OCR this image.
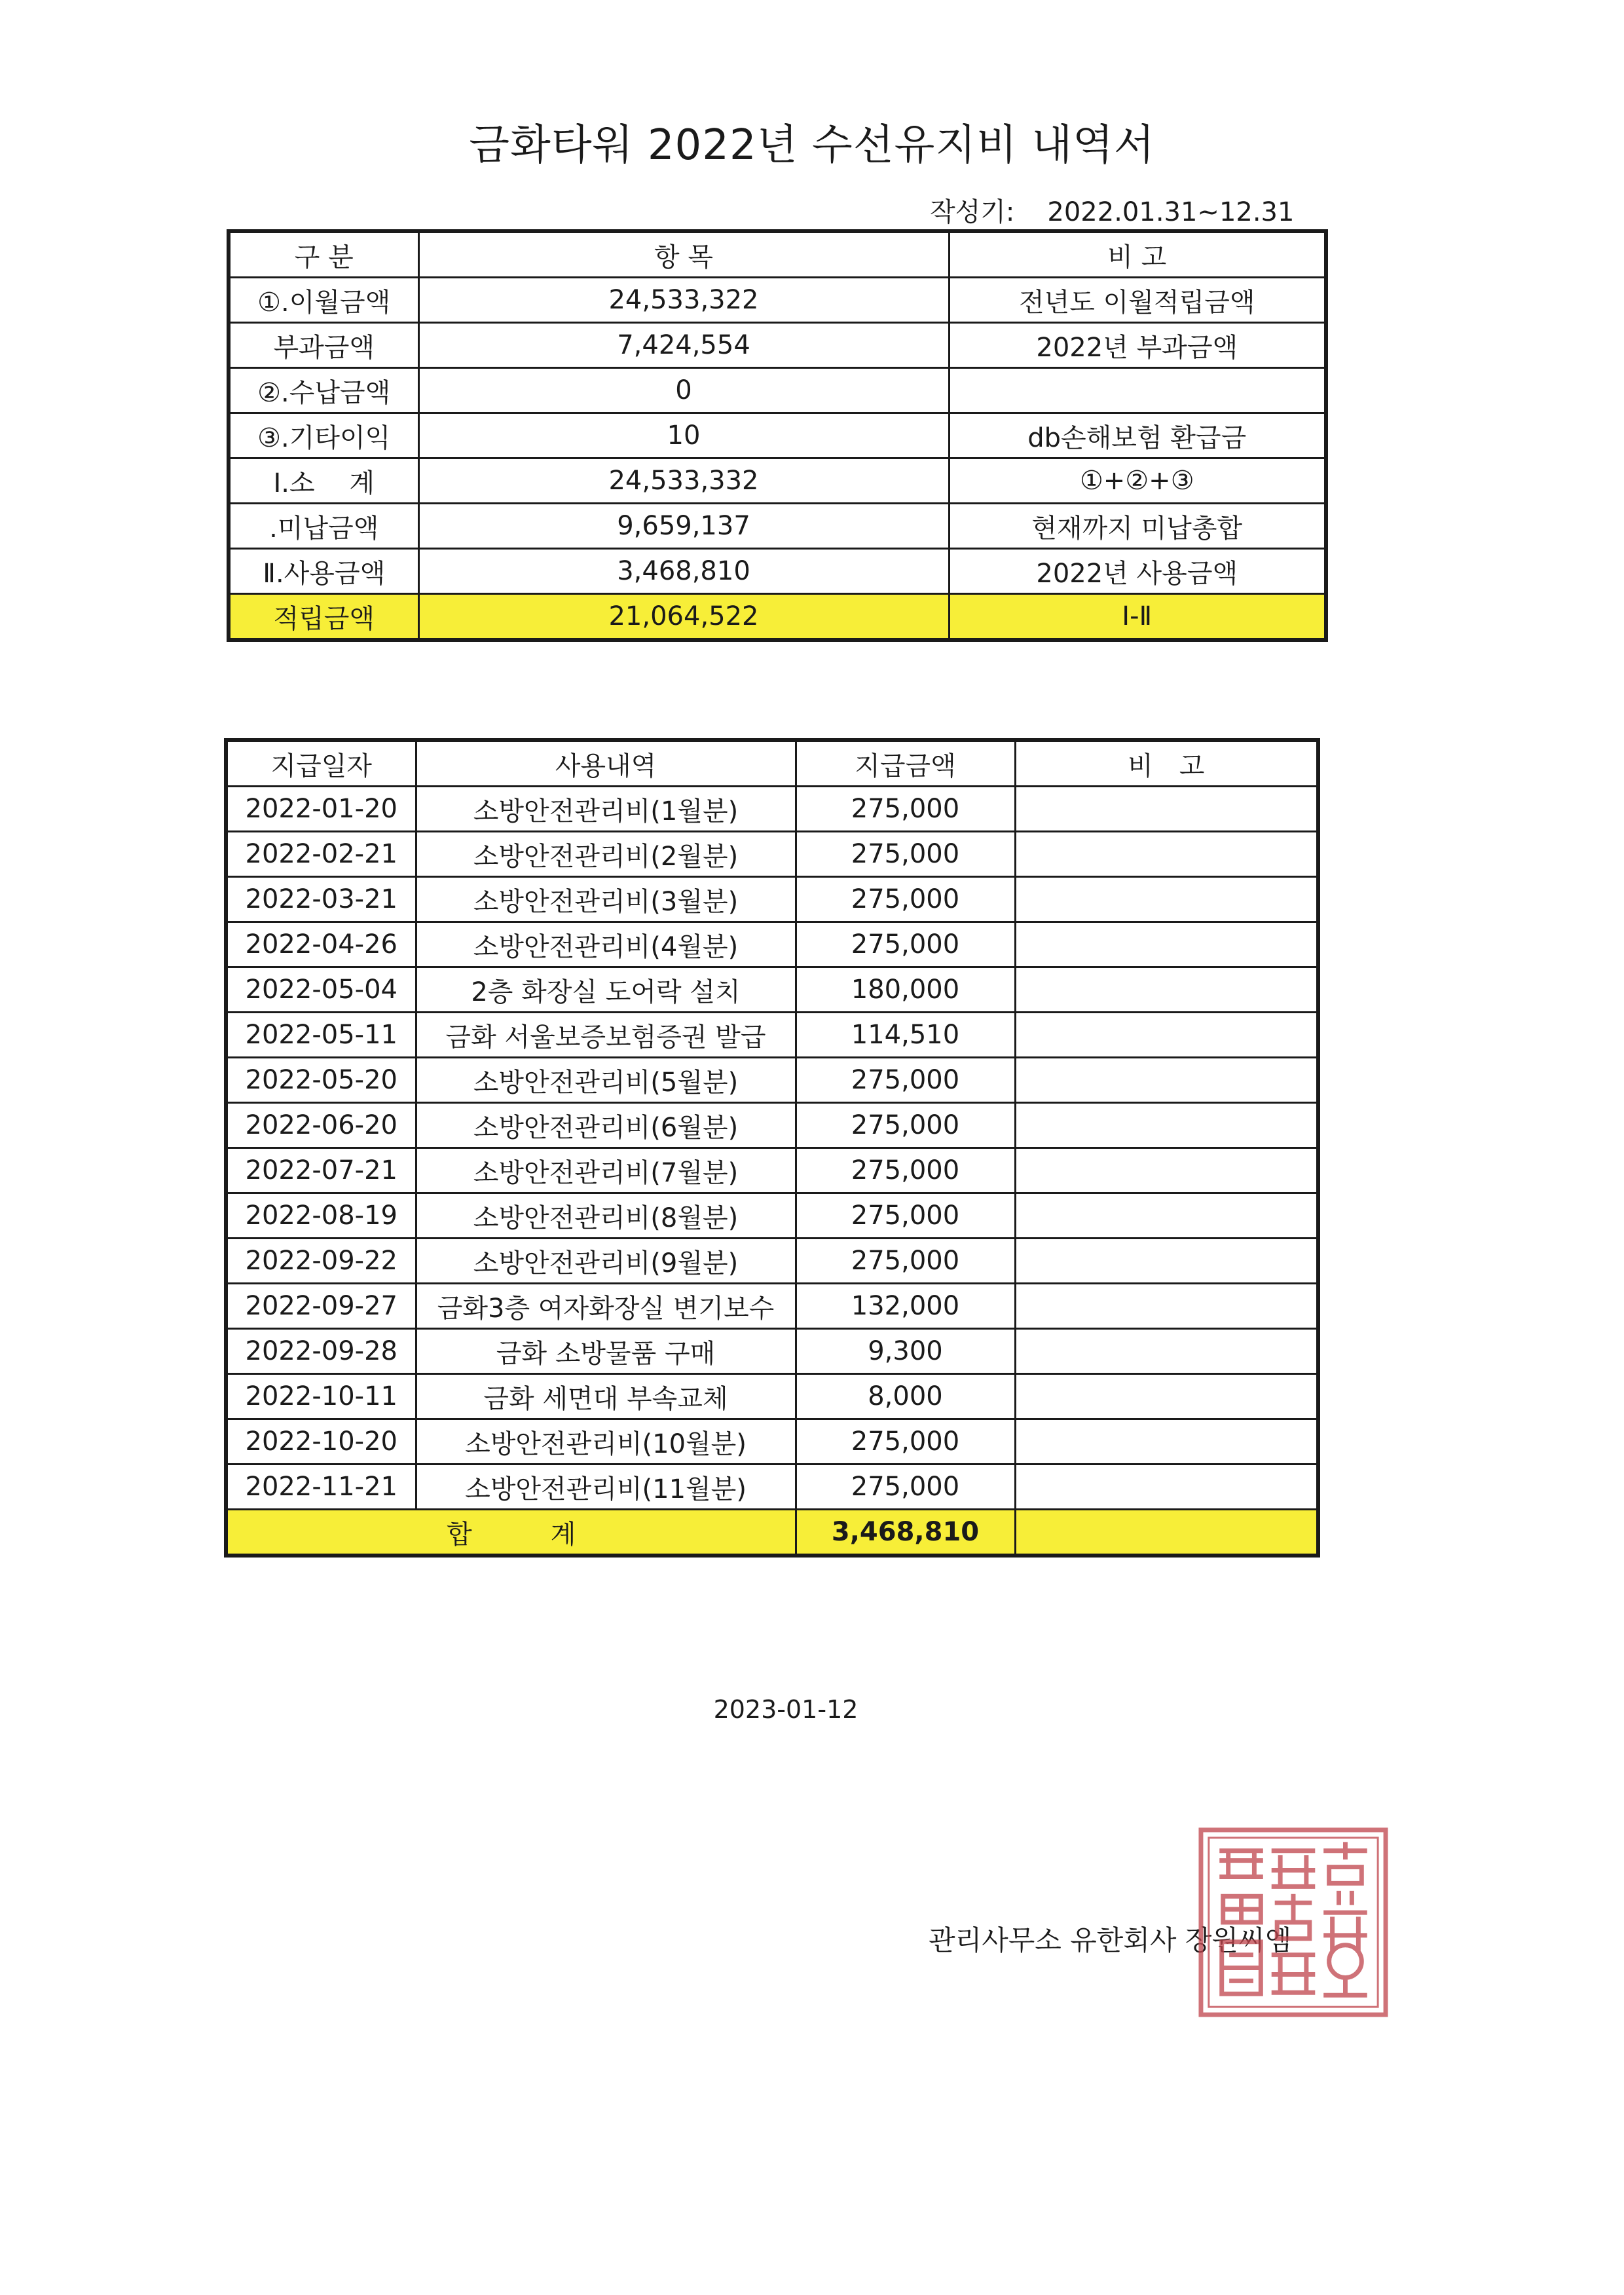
금화타워 2022년 수선유지비 내역서
작성기: 2022.01.31~12.31
구 분	항 목	비 고
①.이월금액	24,533,322	전년도 이월적립금액
부과금액	7,424,554	2022년 부과금액
②.수납금액	0	
③.기타이익	10	db손해보험 환급금
Ⅰ.소　 계	24,533,332	①+②+③
.미납금액	9,659,137	현재까지 미납총합
Ⅱ.사용금액	3,468,810	2022년 사용금액
적립금액	21,064,522	Ⅰ-Ⅱ
지급일자	사용내역	지급금액	비　고
2022-01-20	소방안전관리비(1월분)	275,000	
2022-02-21	소방안전관리비(2월분)	275,000	
2022-03-21	소방안전관리비(3월분)	275,000	
2022-04-26	소방안전관리비(4월분)	275,000	
2022-05-04	2층 화장실 도어락 설치	180,000	
2022-05-11	금화 서울보증보험증권 발급	114,510	
2022-05-20	소방안전관리비(5월분)	275,000	
2022-06-20	소방안전관리비(6월분)	275,000	
2022-07-21	소방안전관리비(7월분)	275,000	
2022-08-19	소방안전관리비(8월분)	275,000	
2022-09-22	소방안전관리비(9월분)	275,000	
2022-09-27	금화3층 여자화장실 변기보수	132,000	
2022-09-28	금화 소방물품 구매	9,300	
2022-10-11	금화 세면대 부속교체	8,000	
2022-10-20	소방안전관리비(10월분)	275,000	
2022-11-21	소방안전관리비(11월분)	275,000	
합　　　계		3,468,810	
2023-01-12
관리사무소 유한회사 장원씨엠
